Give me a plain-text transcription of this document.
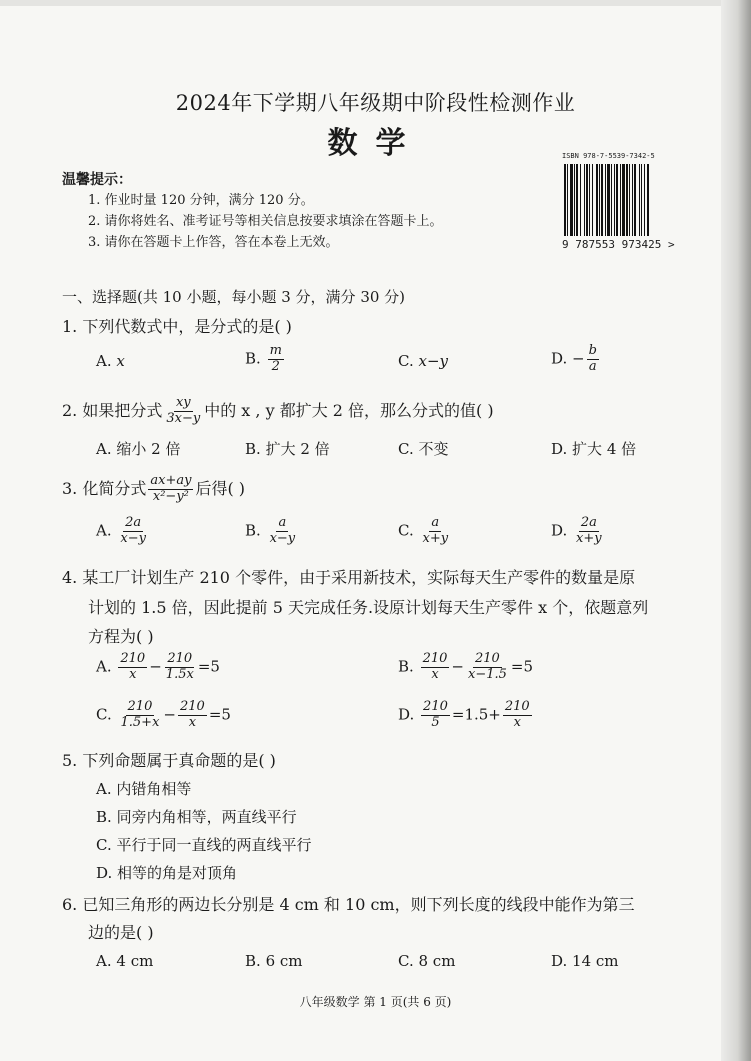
2024年下学期八年级期中阶段性检测作业
数学	ISBN 978-7-5539-7342-5
9 787553 973425 >
温馨提示：
1. 作业时量 120 分钟，满分 120 分。
2. 请你将姓名、准考证号等相关信息按要求填涂在答题卡上。
3. 请你在答题卡上作答，答在本卷上无效。
一、选择题(共 10 小题，每小题 3 分，满分 30 分)
1. 下列代数式中，是分式的是( )
A. x	B. $\frac{m}{2}$	C. x−y	D. − $\frac{b}{a}$
2. 如果把分式 $\frac{xy}{3x-y}$ 中的 x , y 都扩大 2 倍，那么分式的值( )
A. 缩小 2 倍	B. 扩大 2 倍	C. 不变	D. 扩大 4 倍
3. 化简分式 $\frac{ax+ay}{\text{x²−y²}}$ 后得( )
A. $\frac{2a}{x-y}$	B. $\frac{a}{x-y}$	C. $\frac{a}{x+y}$	D. $\frac{2a}{x+y}$
4. 某工厂计划生产 210 个零件，由于采用新技术，实际每天生产零件的数量是原
计划的 1.5 倍，因此提前 5 天完成任务.设原计划每天生产零件 x 个，依题意列
方程为( )
A. $\frac{210}{x} - \frac{210}{1.5x} =5$	B. $\frac{210}{x} - \frac{210}{x-1.5} =5$
C. $\frac{210}{1.5+x} - \frac{210}{x} =5$	D. $\frac{210}{5} =1.5+ \frac{210}{x}$
5. 下列命题属于真命题的是( )
A. 内错角相等
B. 同旁内角相等，两直线平行
C. 平行于同一直线的两直线平行
D. 相等的角是对顶角
6. 已知三角形的两边长分别是 4 cm 和 10 cm，则下列长度的线段中能作为第三
边的是( )
A. 4 cm	B. 6 cm	C. 8 cm	D. 14 cm
八年级数学 第 1 页(共 6 页)
